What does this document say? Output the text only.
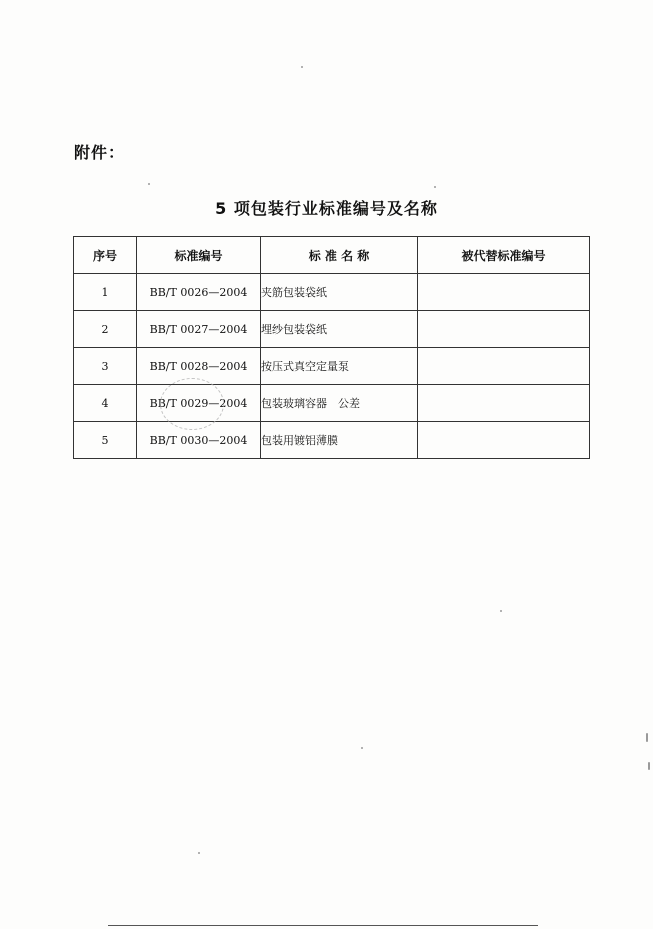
附件：
5 项包装行业标准编号及名称
序号	标准编号	标 准 名 称	被代替标准编号
1	BB/T 0026—2004	夹筋包装袋纸	
2	BB/T 0027—2004	埋纱包装袋纸	
3	BB/T 0028—2004	按压式真空定量泵	
4	BB/T 0029—2004	包装玻璃容器　公差	
5	BB/T 0030—2004	包装用镀铝薄膜	
